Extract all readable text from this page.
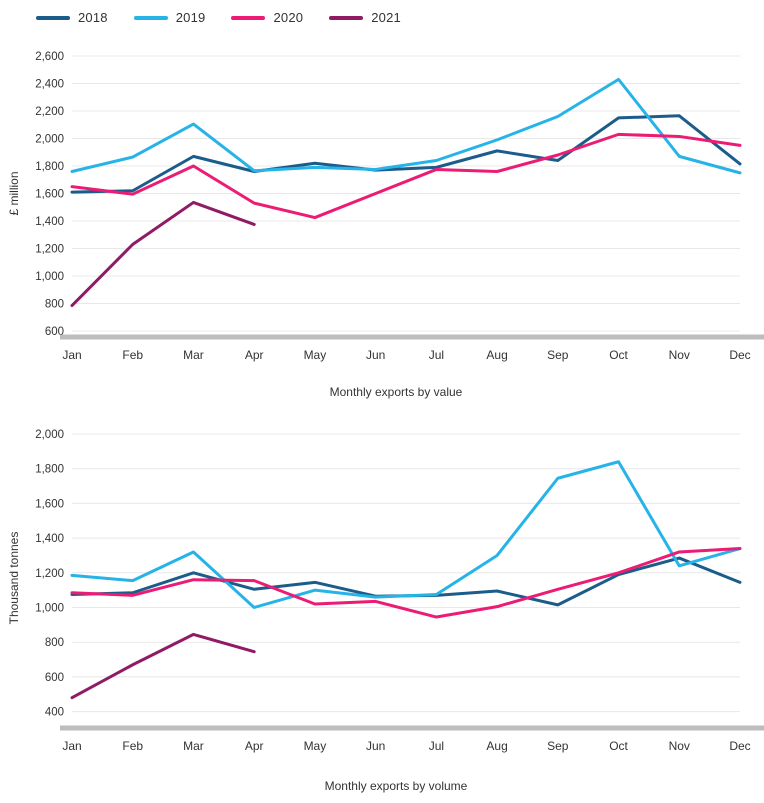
2018	2019	2020	2021
600
800
1,000
1,200
1,400
1,600
1,800
2,000
2,200
2,400
2,600
Jan	Feb	Mar	Apr	May	Jun	Jul	Aug	Sep	Oct	Nov	Dec
£ million
Monthly exports by value
400
600
800
1,000
1,200
1,400
1,600
1,800
2,000
Jan	Feb	Mar	Apr	May	Jun	Jul	Aug	Sep	Oct	Nov	Dec
Thousand tonnes
Monthly exports by volume
